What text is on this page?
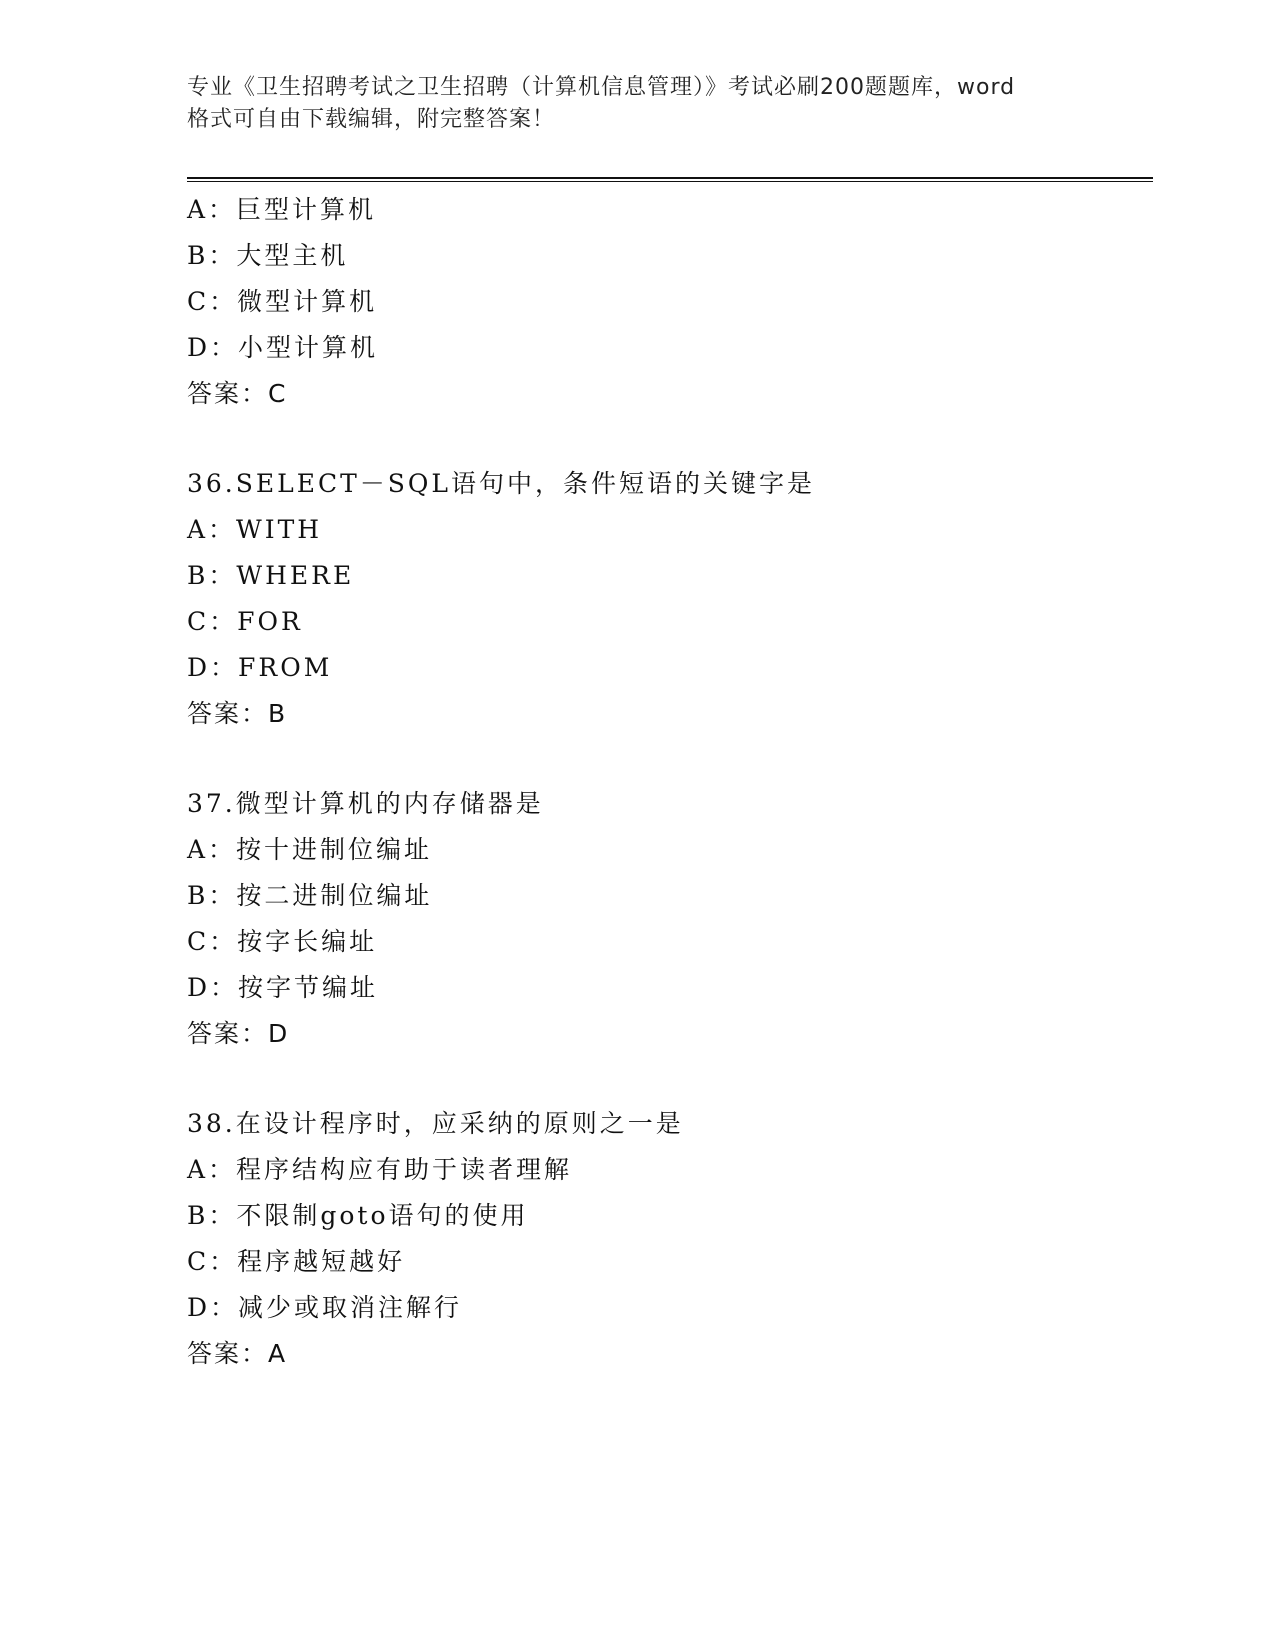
专业《卫生招聘考试之卫生招聘（计算机信息管理）》考试必刷200题题库，word
格式可自由下载编辑，附完整答案！
A：巨型计算机
B：大型主机
C：微型计算机
D：小型计算机
答案：C
36.SELECT－SQL语句中，条件短语的关键字是
A：WITH
B：WHERE
C：FOR
D：FROM
答案：B
37.微型计算机的内存储器是
A：按十进制位编址
B：按二进制位编址
C：按字长编址
D：按字节编址
答案：D
38.在设计程序时，应采纳的原则之一是
A：程序结构应有助于读者理解
B：不限制goto语句的使用
C：程序越短越好
D：减少或取消注解行
答案：A
